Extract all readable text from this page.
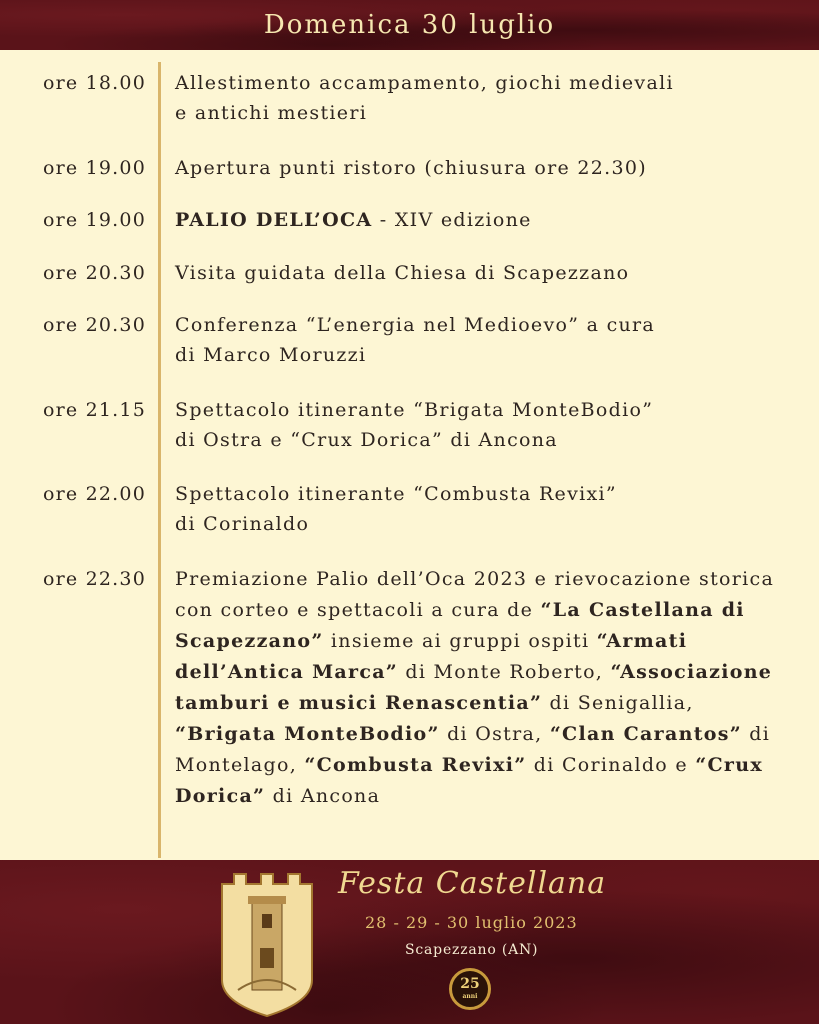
Domenica 30 luglio
ore 18.00 Allestimento accampamento, giochi medievali
e antichi mestieri
ore 19.00 Apertura punti ristoro (chiusura ore 22.30)
ore 19.00 PALIO DELL’OCA - XIV edizione
ore 20.30 Visita guidata della Chiesa di Scapezzano
ore 20.30 Conferenza “L’energia nel Medioevo” a cura
di Marco Moruzzi
ore 21.15 Spettacolo itinerante “Brigata MonteBodio”
di Ostra e “Crux Dorica” di Ancona
ore 22.00 Spettacolo itinerante “Combusta Revixi”
di Corinaldo
ore 22.30 Premiazione Palio dell’Oca 2023 e rievocazione storica con corteo e spettacoli a cura de “La Castellana di Scapezzano” insieme ai gruppi ospiti “Armati dell’Antica Marca” di Monte Roberto, “Associazione tamburi e musici Renascentia” di Senigallia, “Brigata MonteBodio” di Ostra, “Clan Carantos” di Montelago, “Combusta Revixi” di Corinaldo e “Crux Dorica” di Ancona
Festa Castellana
28 - 29 - 30 luglio 2023
Scapezzano (AN)
25
anni
